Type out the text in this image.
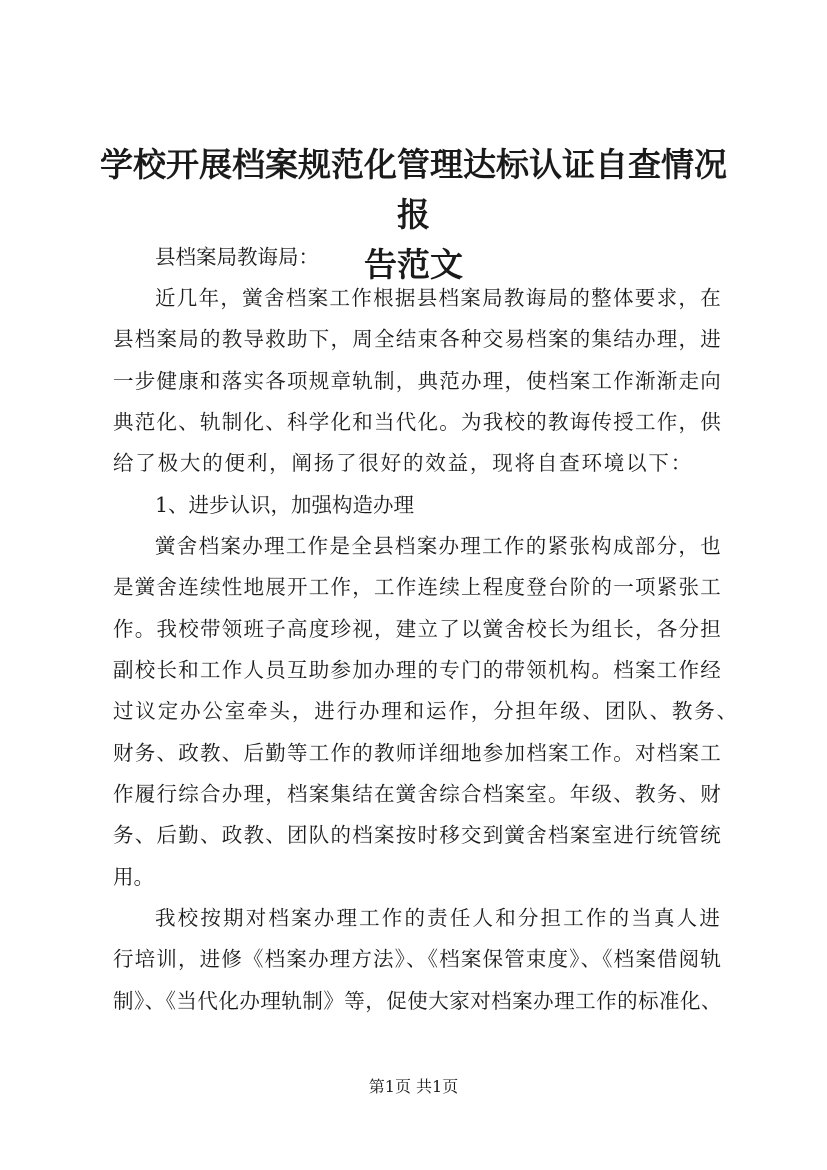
学校开展档案规范化管理达标认证自查情况报
告范文
县档案局教诲局：
近几年，黉舍档案工作根据县档案局教诲局的整体要求，在
县档案局的教导救助下，周全结束各种交易档案的集结办理，进
一步健康和落实各项规章轨制，典范办理，使档案工作渐渐走向
典范化、轨制化、科学化和当代化。为我校的教诲传授工作，供
给了极大的便利，阐扬了很好的效益，现将自查环境以下：
1、进步认识，加强构造办理
黉舍档案办理工作是全县档案办理工作的紧张构成部分，也
是黉舍连续性地展开工作，工作连续上程度登台阶的一项紧张工
作。我校带领班子高度珍视，建立了以黉舍校长为组长，各分担
副校长和工作人员互助参加办理的专门的带领机构。档案工作经
过议定办公室牵头，进行办理和运作，分担年级、团队、教务、
财务、政教、后勤等工作的教师详细地参加档案工作。对档案工
作履行综合办理，档案集结在黉舍综合档案室。年级、教务、财
务、后勤、政教、团队的档案按时移交到黉舍档案室进行统管统
用。
我校按期对档案办理工作的责任人和分担工作的当真人进
行培训，进修《档案办理方法》、《档案保管束度》、《档案借阅轨
制》、《当代化办理轨制》等，促使大家对档案办理工作的标准化、
第1页 共1页
